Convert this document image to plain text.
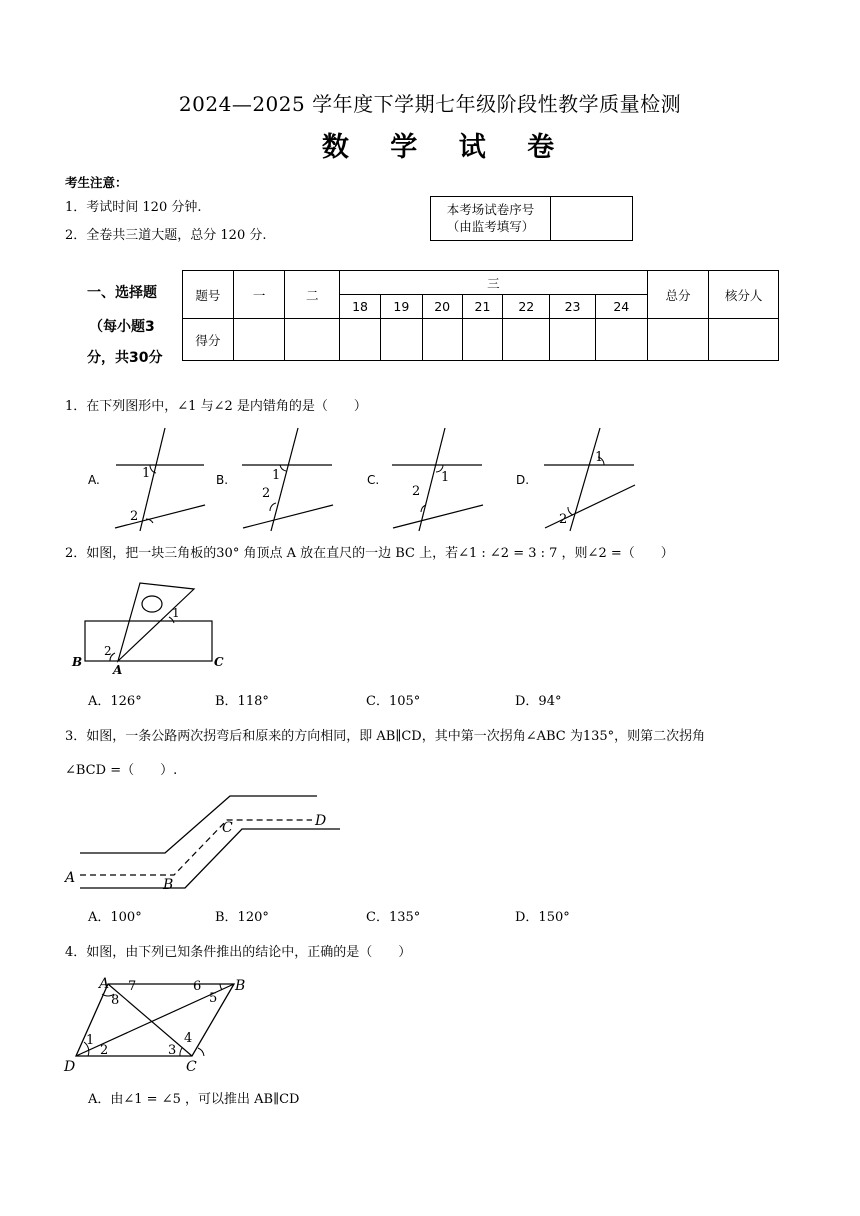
2024—2025 学年度下学期七年级阶段性教学质量检测
数 学 试 卷
考生注意：
1．考试时间 120 分钟.
2．全卷共三道大题，总分 120 分.
本考场试卷序号
（由监考填写）

一、选择题
（每小题3
分，共30分
题号	一	二	三							总分	核分人
			18	19	20	21	22	23	24		
得分											
1．在下列图形中，∠1 与∠2 是内错角的是（　　）
A.	1
2
B.	1
2
C.	1
2
D.
1
2
2．如图，把一块三角板的30° 角顶点 A 放在直尺的一边 BC 上，若∠1 : ∠2 = 3 : 7 ，则∠2 =（　　）
1
2
B
A
C
A．126°	B．118°	C．105°	D．94°
3．如图，一条公路两次拐弯后和原来的方向相同，即 AB∥CD，其中第一次拐角∠ABC 为135°，则第二次拐角
∠BCD =（　　）.
A	B
C	D
A．100°	B．120°	C．135°	D．150°
4．如图，由下列已知条件推出的结论中，正确的是（　　）
A	B
C
D
1
2	3
4
5
6
7
8
A．由∠1 = ∠5 ，可以推出 AB∥CD
